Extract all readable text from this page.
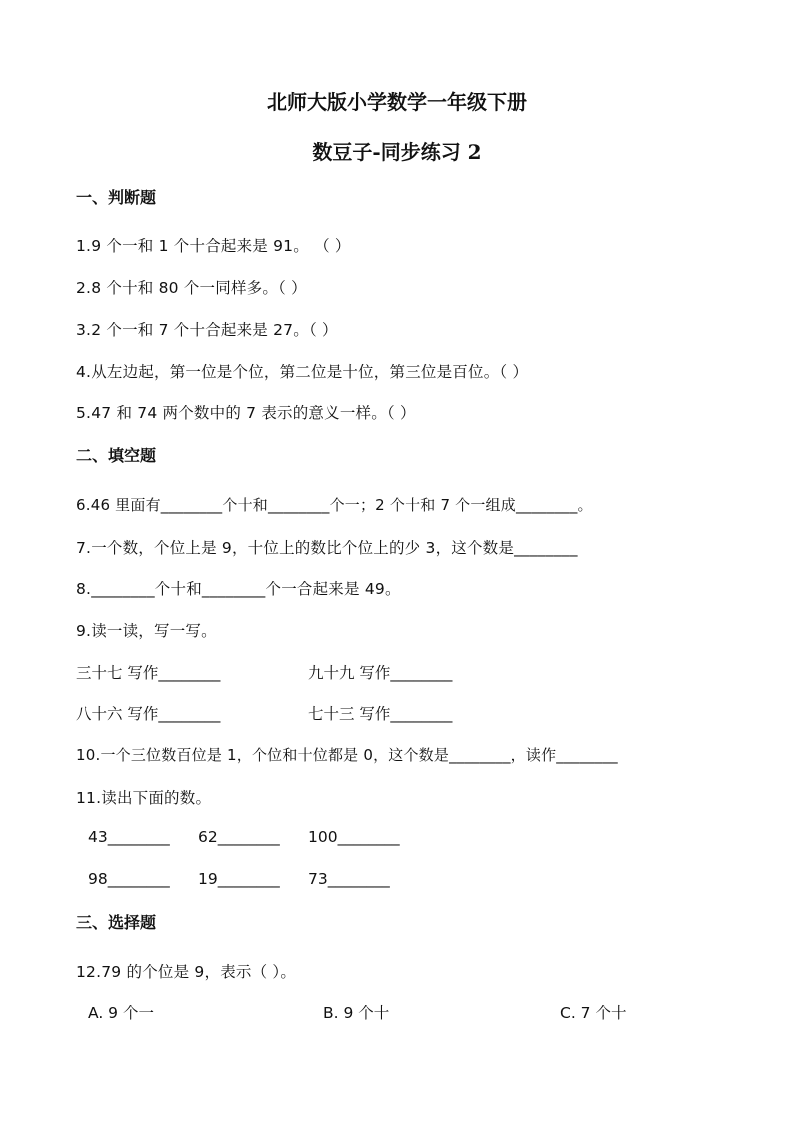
北师大版小学数学一年级下册
数豆子-同步练习 2
一、判断题
1.9 个一和 1 个十合起来是 91。 （ ）
2.8 个十和 80 个一同样多。（ ）
3.2 个一和 7 个十合起来是 27。（ ）
4.从左边起，第一位是个位，第二位是十位，第三位是百位。（ ）
5.47 和 74 两个数中的 7 表示的意义一样。（ ）
二、填空题
6.46 里面有________个十和________个一；2 个十和 7 个一组成________。
7.一个数，个位上是 9，十位上的数比个位上的少 3，这个数是________
8.________个十和________个一合起来是 49。
9.读一读，写一写。
三十七 写作________	九十九 写作________
八十六 写作________	七十三 写作________
10.一个三位数百位是 1，个位和十位都是 0，这个数是________，读作________
11.读出下面的数。
43________ 62________ 100________
98________ 19________ 73________
三、选择题
12.79 的个位是 9，表示（ ）。
A. 9 个一	B. 9 个十	C. 7 个十
